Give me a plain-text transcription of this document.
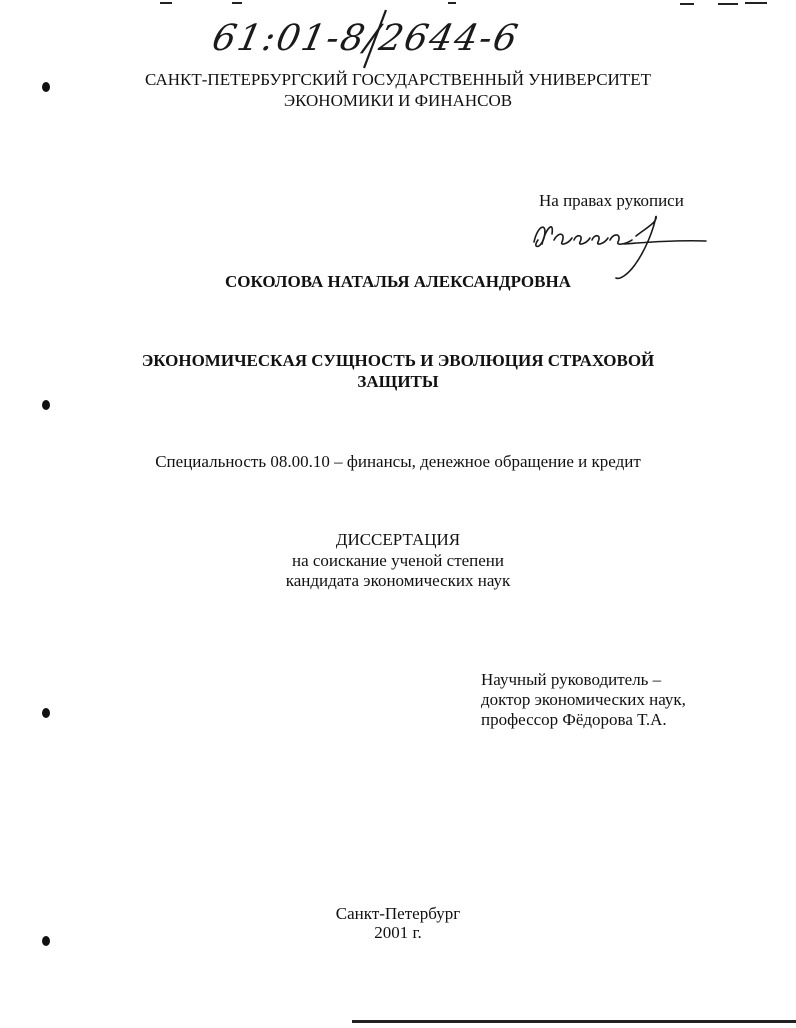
61:01-8/2644-6
САНКТ-ПЕТЕРБУРГСКИЙ ГОСУДАРСТВЕННЫЙ УНИВЕРСИТЕТ
ЭКОНОМИКИ И ФИНАНСОВ
На правах рукописи
СОКОЛОВА НАТАЛЬЯ АЛЕКСАНДРОВНА
ЭКОНОМИЧЕСКАЯ СУЩНОСТЬ И ЭВОЛЮЦИЯ СТРАХОВОЙ
ЗАЩИТЫ
Специальность 08.00.10 – финансы, денежное обращение и кредит
ДИССЕРТАЦИЯ
на соискание ученой степени
кандидата экономических наук
Научный руководитель –
доктор экономических наук,
профессор Фёдорова Т.А.
Санкт-Петербург
2001 г.
